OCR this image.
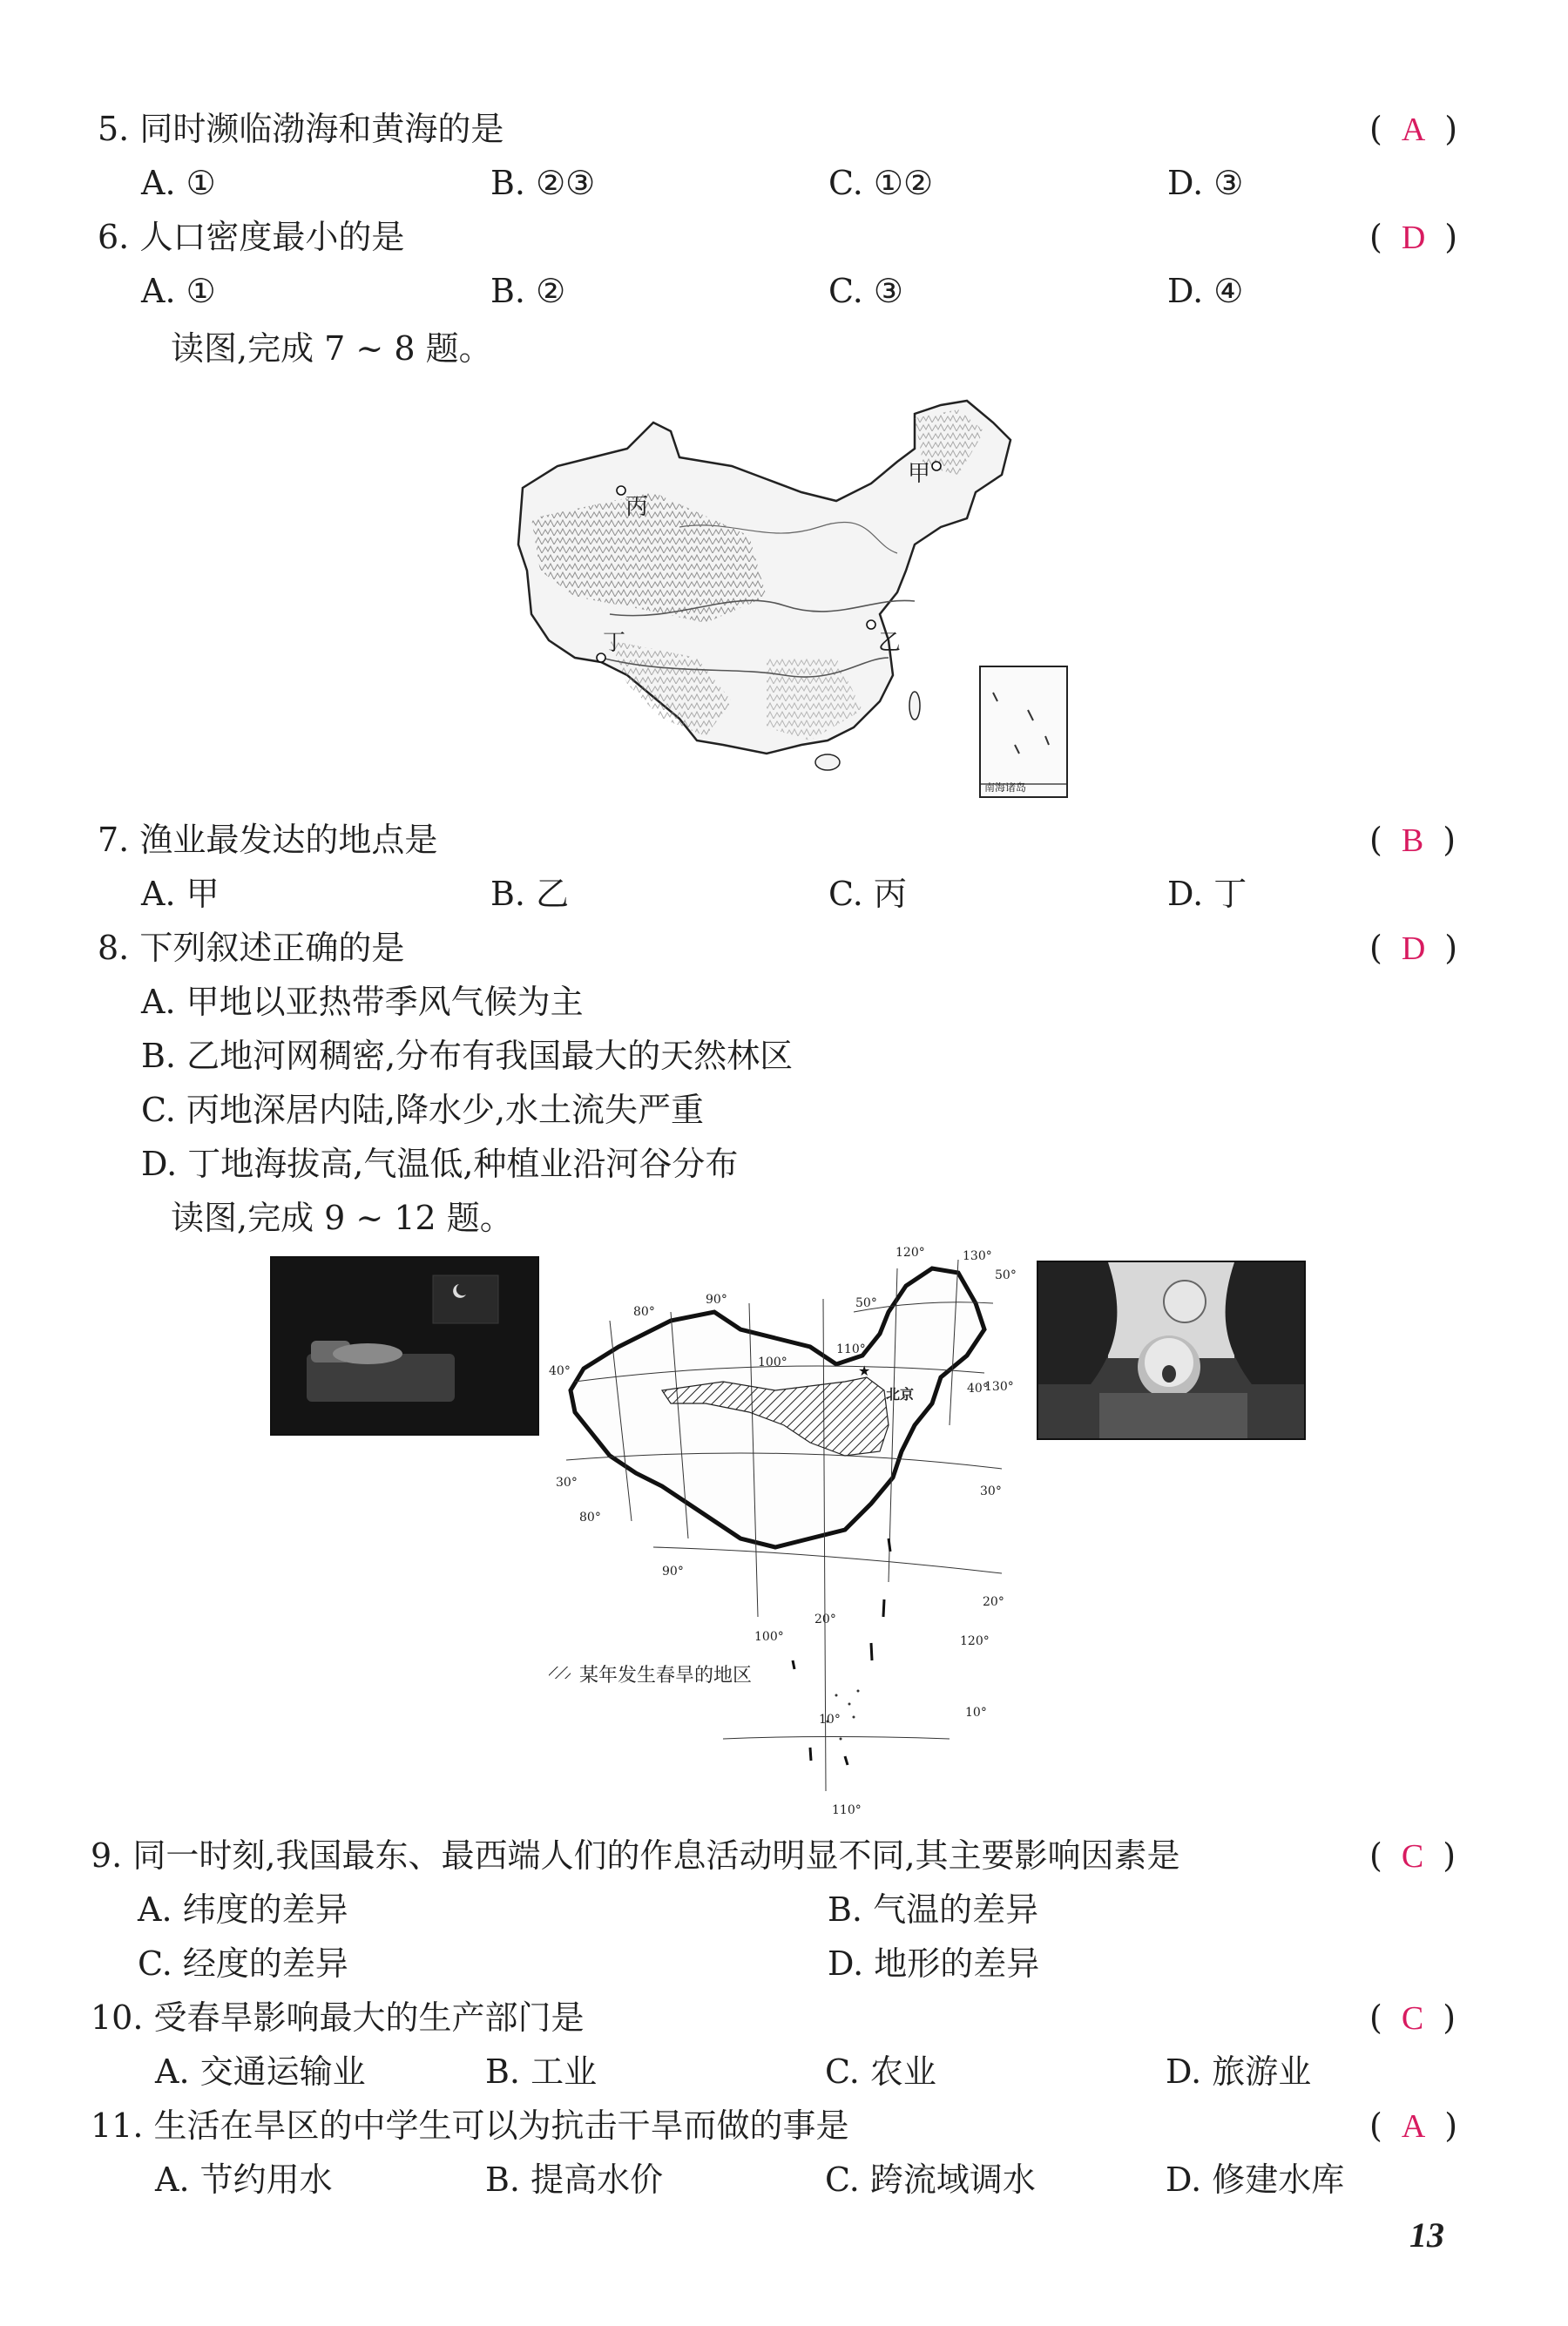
5. 同时濒临渤海和黄海的是	( A )
A. ①	B. ②③	C. ①②	D. ③
6. 人口密度最小的是	( D )
A. ①	B. ②	C. ③	D. ④
读图,完成 7 ~ 8 题。
甲
乙
丙
丁
南海诸岛
7. 渔业最发达的地点是	( B )
A. 甲	B. 乙	C. 丙	D. 丁
8. 下列叙述正确的是	( D )
A. 甲地以亚热带季风气候为主
B. 乙地河网稠密,分布有我国最大的天然林区
C. 丙地深居内陆,降水少,水土流失严重
D. 丁地海拔高,气温低,种植业沿河谷分布
读图,完成 9 ~ 12 题。
★
80°
90°
100°
110°
120°	130°
80°
90°
100°
110°
120°
130°
50°
50°
40°
40°
30°
30°
20°
20°
10°	10°
北京
某年发生春旱的地区
9. 同一时刻,我国最东、最西端人们的作息活动明显不同,其主要影响因素是	( C )
A. 纬度的差异	B. 气温的差异
C. 经度的差异	D. 地形的差异
10. 受春旱影响最大的生产部门是	( C )
A. 交通运输业	B. 工业	C. 农业	D. 旅游业
11. 生活在旱区的中学生可以为抗击干旱而做的事是	( A )
A. 节约用水	B. 提高水价	C. 跨流域调水	D. 修建水库
13
